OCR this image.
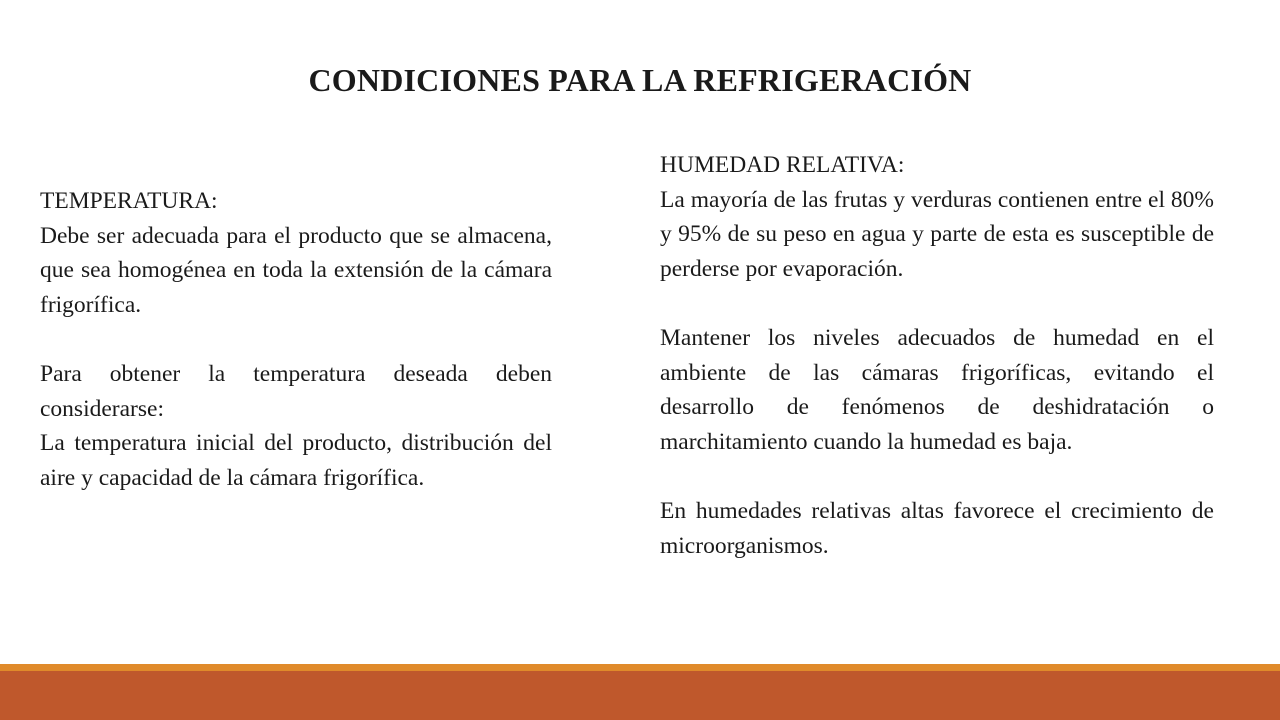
CONDICIONES PARA LA REFRIGERACIÓN

TEMPERATURA:

Debe ser adecuada para el producto que se almacena, que sea homogénea en toda la extensión de la cámara frigorífica.

Para obtener la temperatura deseada deben considerarse:

La temperatura inicial del producto, distribución del aire y capacidad de la cámara frigorífica.

HUMEDAD RELATIVA:

La mayoría de las frutas y verduras contienen entre el 80% y 95% de su peso en agua y parte de esta es susceptible de perderse por evaporación.

Mantener los niveles adecuados de humedad en el ambiente de las cámaras frigoríficas, evitando el desarrollo de fenómenos de deshidratación o marchitamiento cuando la humedad es baja.

En humedades relativas altas favorece el crecimiento de microorganismos.
